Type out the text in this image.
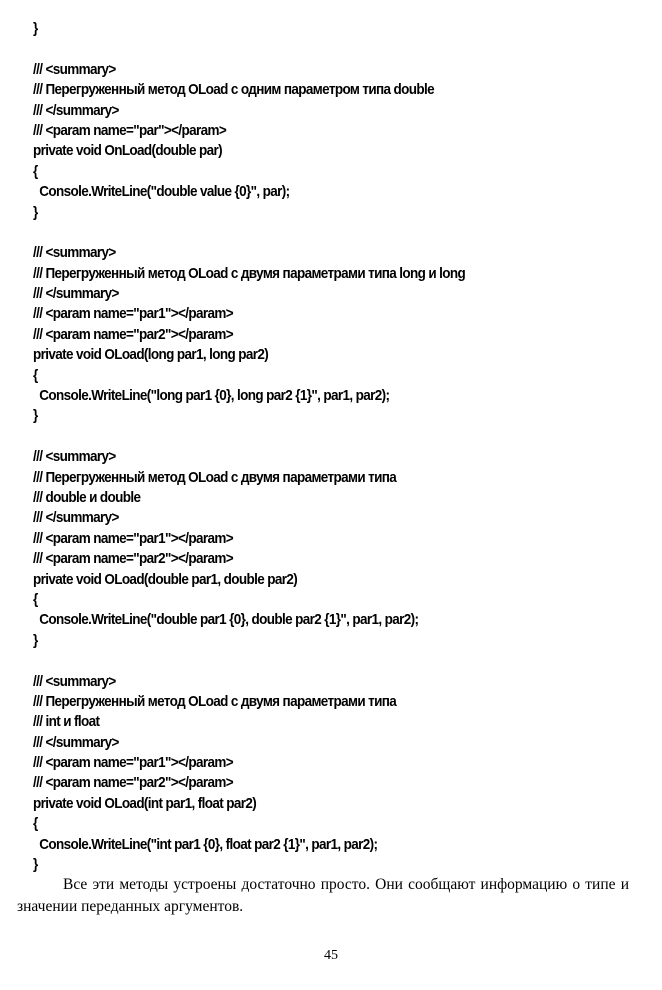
}
/// <summary>
/// Перегруженный метод OLoad с одним параметром типа double
/// </summary>
/// <param name="par"></param>
private void OnLoad(double par)
{
Console.WriteLine("double value {0}", par);
}
/// <summary>
/// Перегруженный метод OLoad с двумя параметрами типа long и long
/// </summary>
/// <param name="par1"></param>
/// <param name="par2"></param>
private void OLoad(long par1, long par2)
{
Console.WriteLine("long par1 {0}, long par2 {1}", par1, par2);
}
/// <summary>
/// Перегруженный метод OLoad с двумя параметрами типа
/// double и double
/// </summary>
/// <param name="par1"></param>
/// <param name="par2"></param>
private void OLoad(double par1, double par2)
{
Console.WriteLine("double par1 {0}, double par2 {1}", par1, par2);
}
/// <summary>
/// Перегруженный метод OLoad с двумя параметрами типа
/// int и float
/// </summary>
/// <param name="par1"></param>
/// <param name="par2"></param>
private void OLoad(int par1, float par2)
{
Console.WriteLine("int par1 {0}, float par2 {1}", par1, par2);
}

Все эти методы устроены достаточно просто. Они сообщают информацию о типе и значении переданных аргументов.

45
